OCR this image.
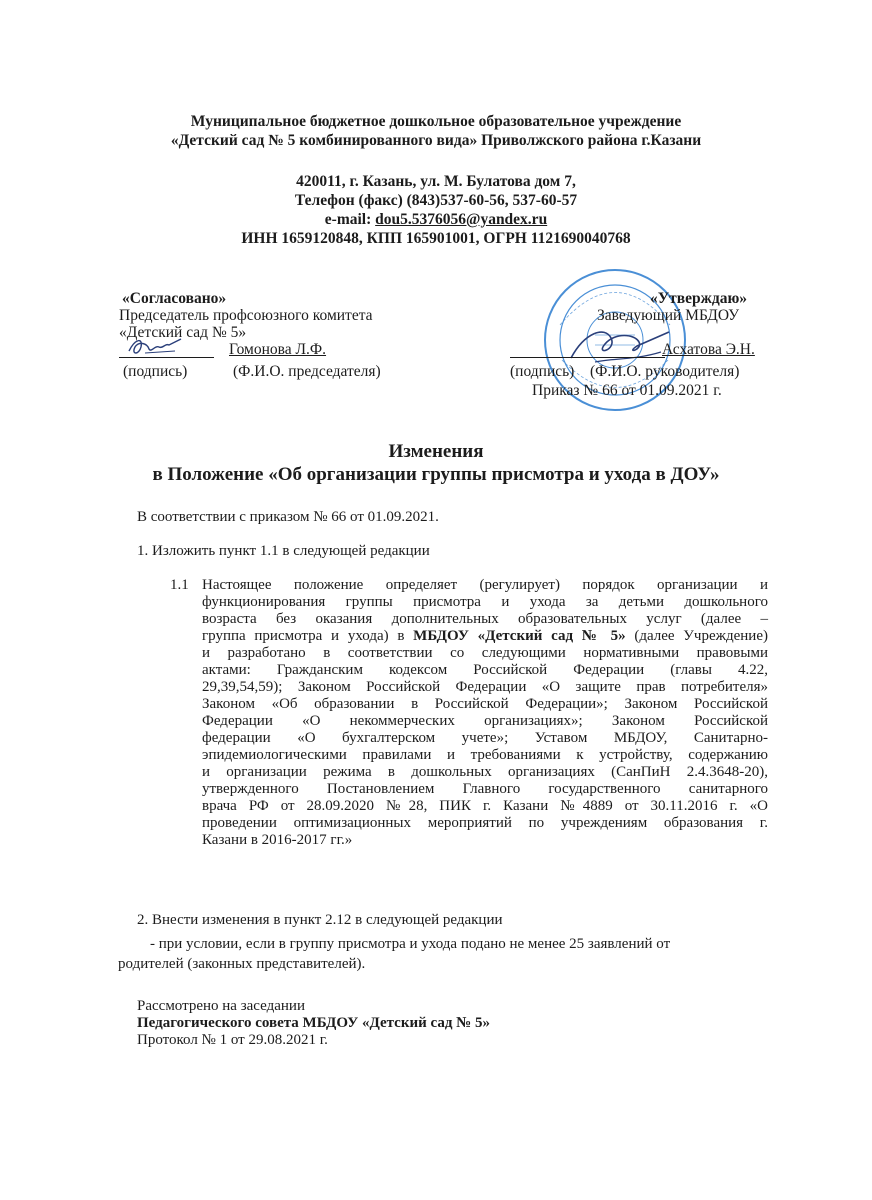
Муниципальное бюджетное дошкольное образовательное учреждение
«Детский сад № 5 комбинированного вида» Приволжского района г.Казани
420011, г. Казань, ул. М. Булатова дом 7,
Телефон (факс) (843)537-60-56, 537-60-57
e-mail: dou5.5376056@yandex.ru
ИНН 1659120848, КПП 165901001, ОГРН 1121690040768
«Согласовано»
Председатель профсоюзного комитета
«Детский сад № 5»
Гомонова Л.Ф.
(подпись)	(Ф.И.О. председателя)
«Утверждаю»
Заведующий МБДОУ
Асхатова Э.Н.
(подпись) (Ф.И.О. руководителя)
Приказ № 66 от 01.09.2021 г.
Изменения
в Положение «Об организации группы присмотра и ухода в ДОУ»
В соответствии с приказом № 66 от 01.09.2021.
1. Изложить пункт 1.1 в следующей редакции
1.1 Настоящее положение определяет (регулирует) порядок организации и
функционирования группы присмотра и ухода за детьми дошкольного
возраста без оказания дополнительных образовательных услуг (далее –
группа присмотра и ухода) в МБДОУ «Детский сад № 5» (далее Учреждение)
и разработано в соответствии со следующими нормативными правовыми
актами: Гражданским кодексом Российской Федерации (главы 4.22,
29,39,54,59); Законом Российской Федерации «О защите прав потребителя»
Законом «Об образовании в Российской Федерации»; Законом Российской
Федерации «О некоммерческих организациях»; Законом Российской
федерации «О бухгалтерском учете»; Уставом МБДОУ, Санитарно-
эпидемиологическими правилами и требованиями к устройству, содержанию
и организации режима в дошкольных организациях (СанПиН 2.4.3648-20),
утвержденного Постановлением Главного государственного санитарного
врача РФ от 28.09.2020 №28, ПИК г. Казани №4889 от 30.11.2016 г. «О
проведении оптимизационных мероприятий по учреждениям образования г.
Казани в 2016-2017 гг.»
2. Внести изменения в пункт 2.12 в следующей редакции
- при условии, если в группу присмотра и ухода подано не менее 25 заявлений от
родителей (законных представителей).
Рассмотрено на заседании
Педагогического совета МБДОУ «Детский сад № 5»
Протокол № 1 от 29.08.2021 г.
